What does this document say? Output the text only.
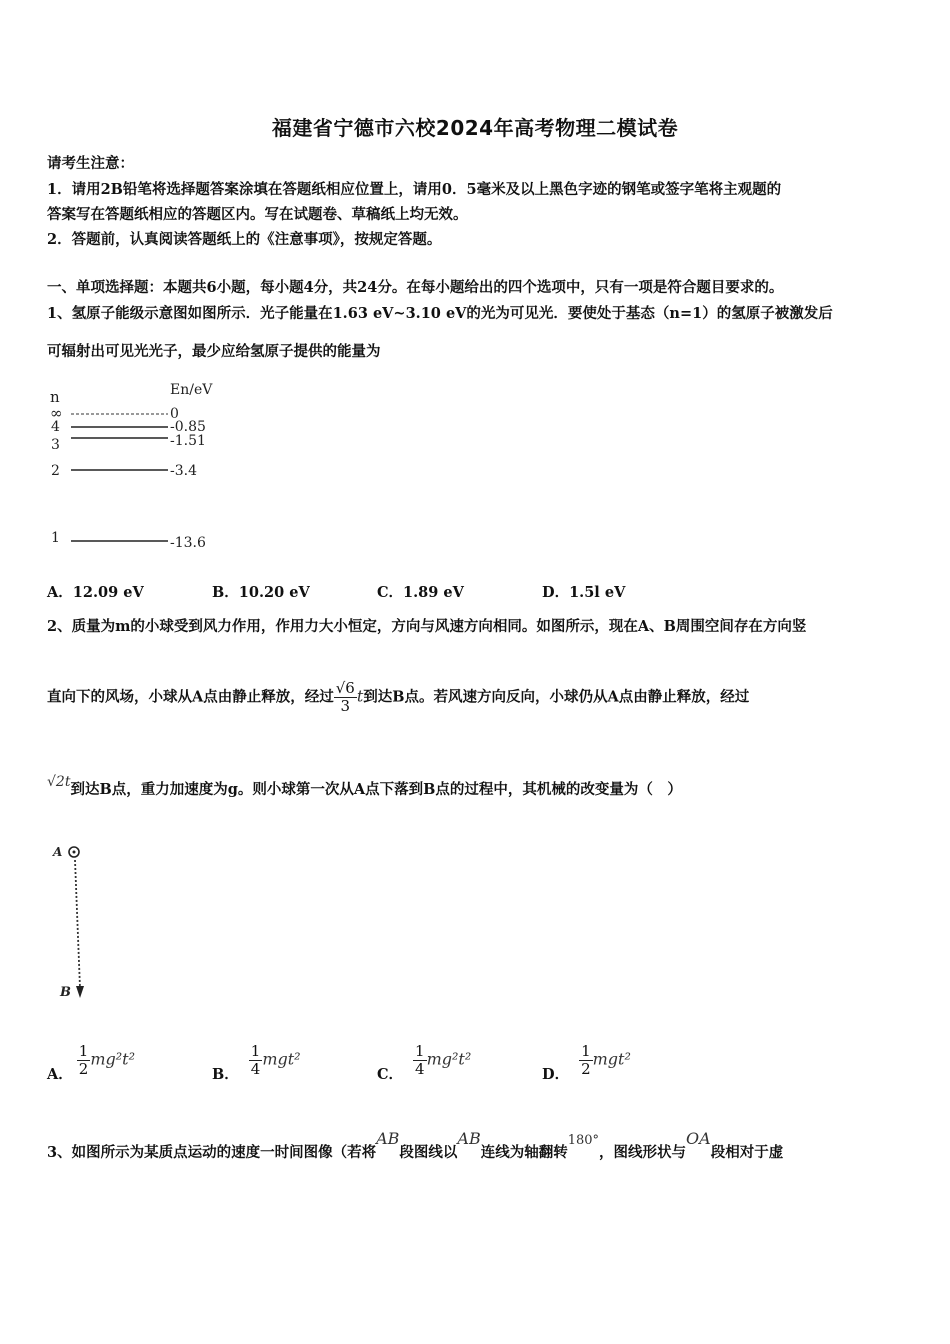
福建省宁德市六校2024年高考物理二模试卷
请考生注意：
1．请用2B铅笔将选择题答案涂填在答题纸相应位置上，请用0．5毫米及以上黑色字迹的钢笔或签字笔将主观题的
答案写在答题纸相应的答题区内。写在试题卷、草稿纸上均无效。
2．答题前，认真阅读答题纸上的《注意事项》，按规定答题。
一、单项选择题：本题共6小题，每小题4分，共24分。在每小题给出的四个选项中，只有一项是符合题目要求的。
1、氢原子能级示意图如图所示．光子能量在1.63 eV~3.10 eV的光为可见光．要使处于基态（n=1）的氢原子被激发后
可辐射出可见光光子，最少应给氢原子提供的能量为
n	En/eV
∞
4
3
2
1
0
-0.85
-1.51
-3.4
-13.6
A．12.09 eV	B．10.20 eV	C．1.89 eV	D．1.5l eV
2、质量为m的小球受到风力作用，作用力大小恒定，方向与风速方向相同。如图所示，现在A、B周围空间存在方向竖
直向下的风场，小球从A点由静止释放，经过 $\frac{√6}{3}$ t到达B点。若风速方向反向，小球仍从A点由静止释放，经过
√2t到达B点，重力加速度为g。则小球第一次从A点下落到B点的过程中，其机械的改变量为（　）
A
B
A． $\frac{1}{2} mg^2t^2$
B． $\frac{1}{4} mgt^2$
C． $\frac{1}{4} mg^2t^2$
D． $\frac{1}{2} mgt^2$
3、如图所示为某质点运动的速度一时间图像（若将AB段图线以AB连线为轴翻转180°，图线形状与OA段相对于虚
